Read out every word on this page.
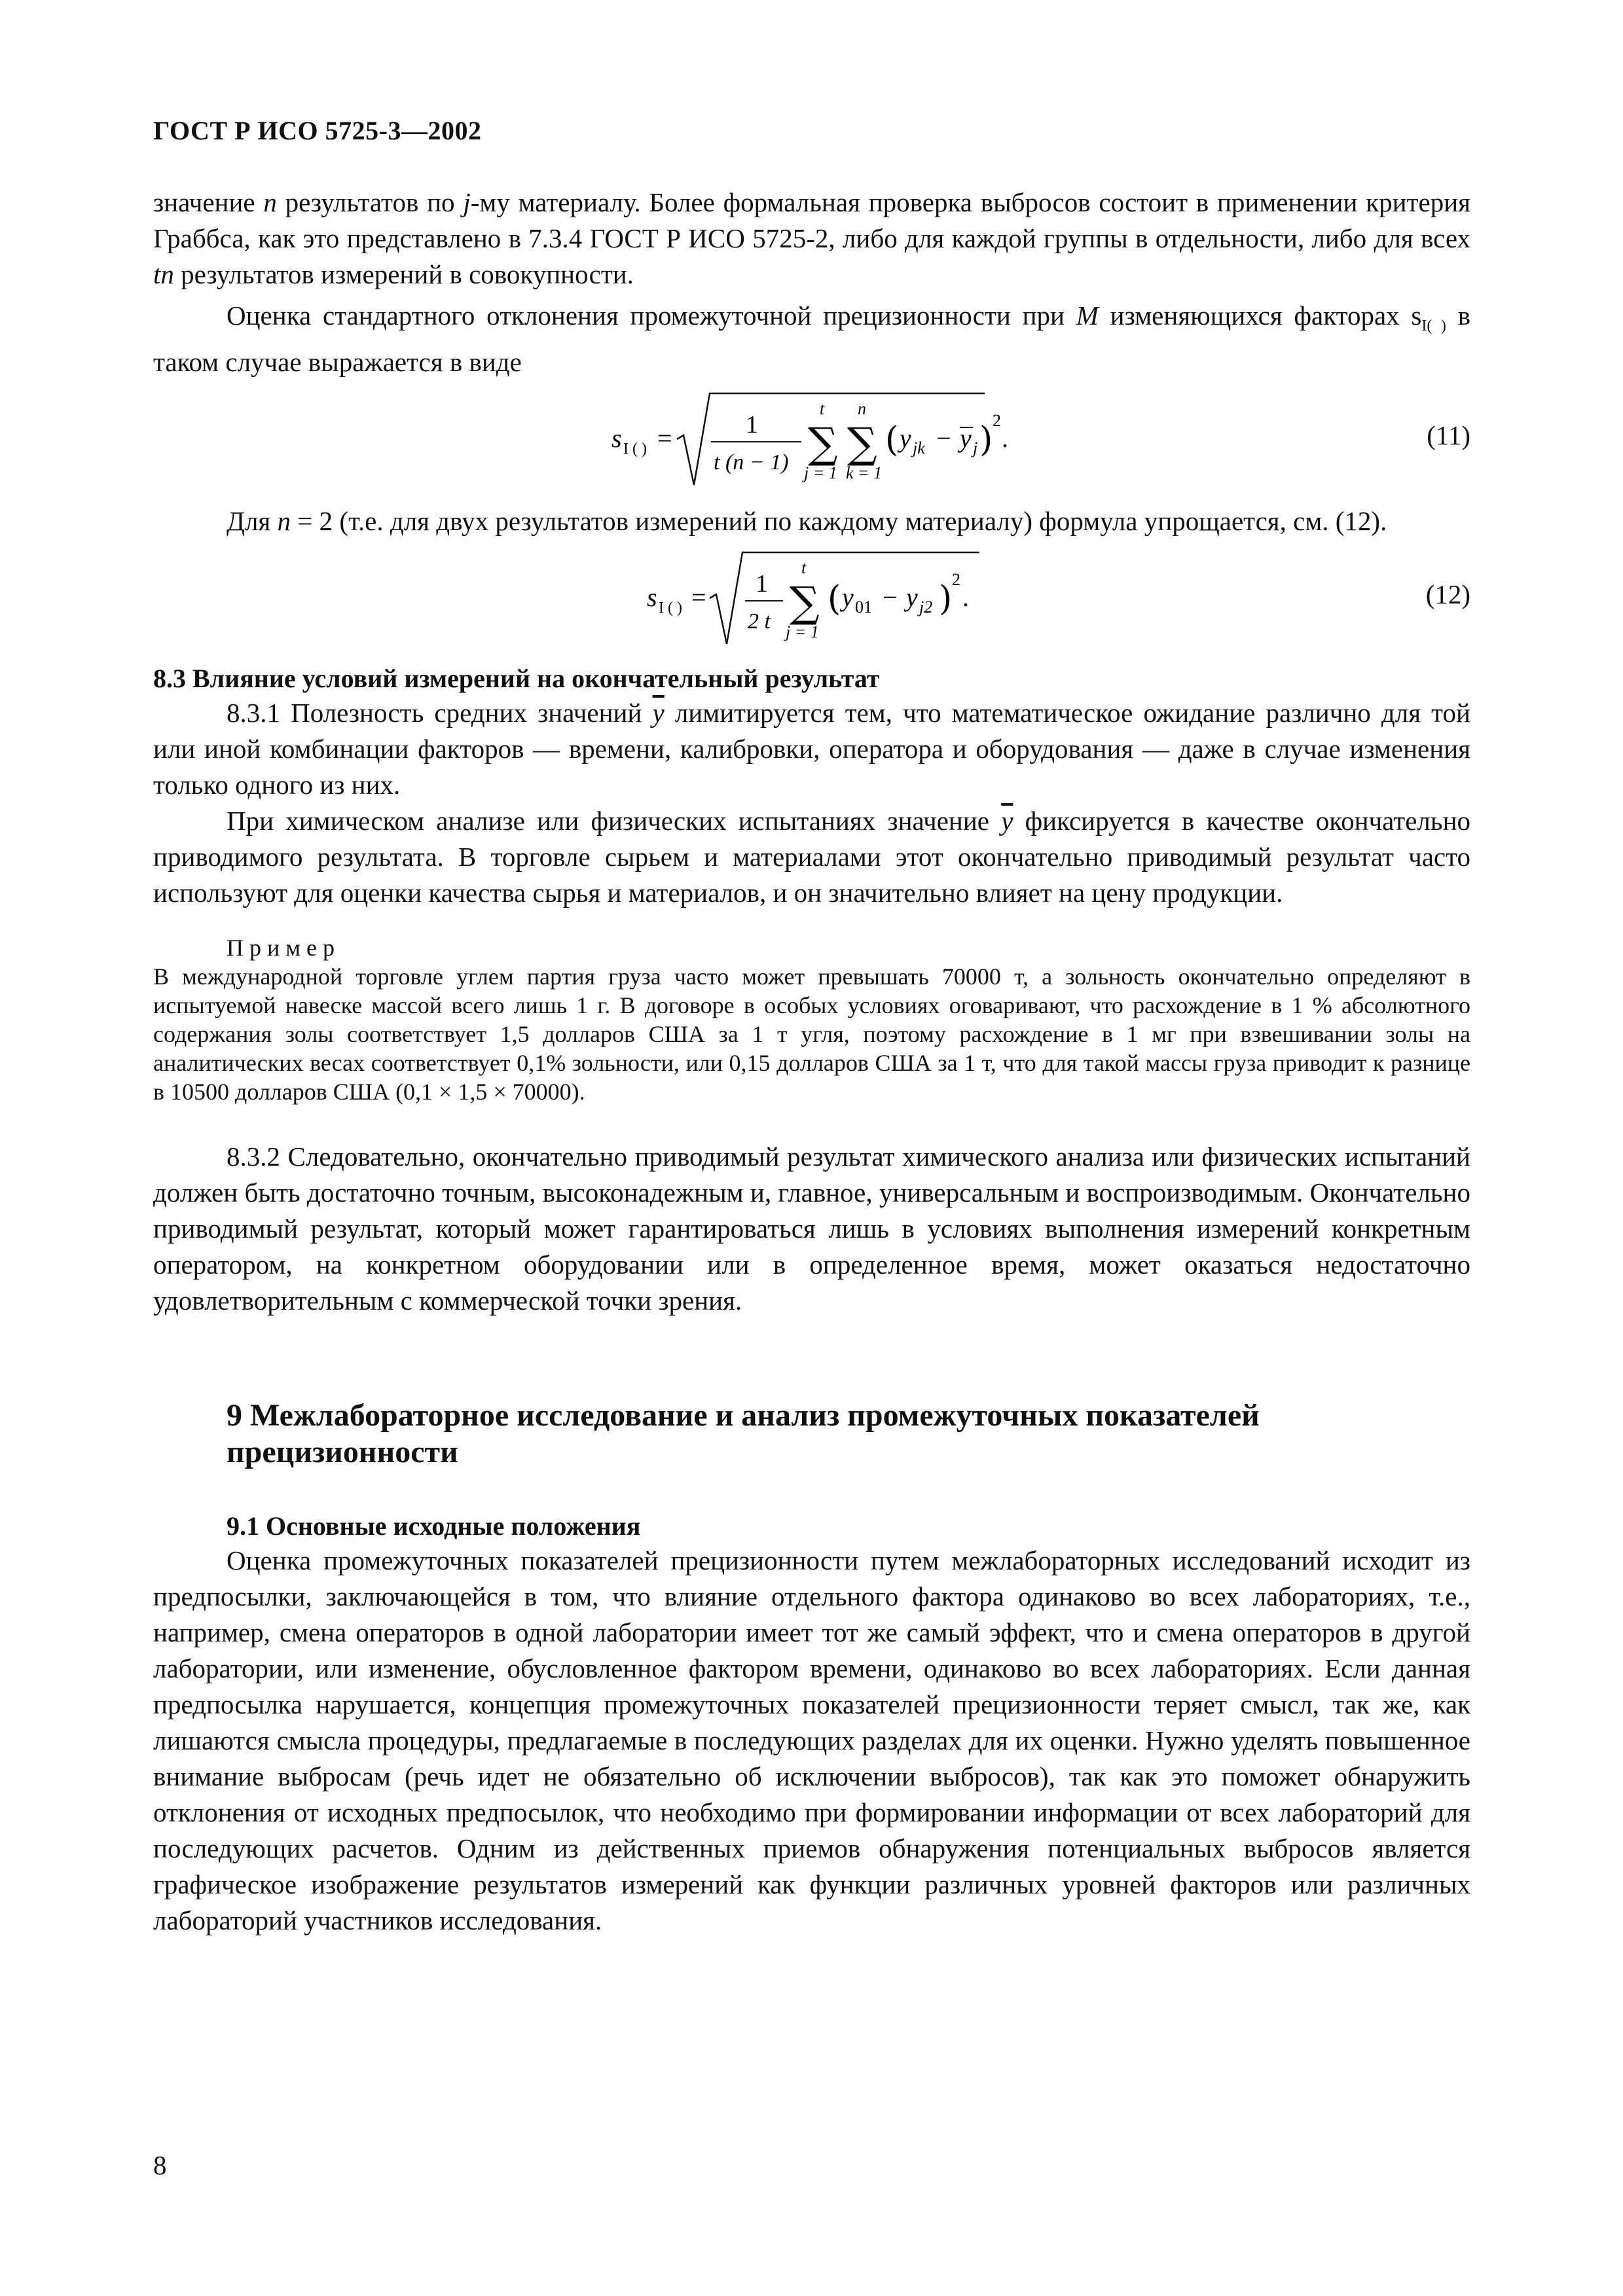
ГОСТ Р ИСО 5725-3—2002

значение n результатов по j-му материалу. Более формальная проверка выбросов состоит в применении критерия Граббса, как это представлено в 7.3.4 ГОСТ Р ИСО 5725-2, либо для каждой группы в отдельности, либо для всех tn результатов измерений в совокупности.

Оценка стандартного отклонения промежуточной прецизионности при M изменяющихся факторах $s_{I( )}$ в таком случае выражается в виде

s I ( ) =	1
t (n − 1) ∑
t
j = 1
∑
n
k = 1
( y jk − y j ) 2
.	(11)

Для n = 2 (т.е. для двух результатов измерений по каждому материалу) формула упрощается, см. (12).

s I ( ) = 1
2 t ∑
t
j = 1
( y 01 − y j2 ) 2
.	(12)
8.3 Влияние условий измерений на окончательный результат

8.3.1 Полезность средних значений $\overline{y}$ лимитируется тем, что математическое ожидание различно для той или иной комбинации факторов — времени, калибровки, оператора и оборудования — даже в случае изменения только одного из них.

При химическом анализе или физических испытаниях значение $\overline{y}$ фиксируется в качестве окончательно приводимого результата. В торговле сырьем и материалами этот окончательно приводимый результат часто используют для оценки качества сырья и материалов, и он значительно влияет на цену продукции.

Пример

В международной торговле углем партия груза часто может превышать 70000 т, а зольность окончательно определяют в испытуемой навеске массой всего лишь 1 г. В договоре в особых условиях оговаривают, что расхождение в 1 % абсолютного содержания золы соответствует 1,5 долларов США за 1 т угля, поэтому расхождение в 1 мг при взвешивании золы на аналитических весах соответствует 0,1% зольности, или 0,15 долларов США за 1 т, что для такой массы груза приводит к разнице в 10500 долларов США (0,1 × 1,5 × 70000).

8.3.2 Следовательно, окончательно приводимый результат химического анализа или физических испытаний должен быть достаточно точным, высоконадежным и, главное, универсальным и воспроизводимым. Окончательно приводимый результат, который может гарантироваться лишь в условиях выполнения измерений конкретным оператором, на конкретном оборудовании или в определенное время, может оказаться недостаточно удовлетворительным с коммерческой точки зрения.

9 Межлабораторное исследование и анализ промежуточных показателей прецизионности
9.1 Основные исходные положения

Оценка промежуточных показателей прецизионности путем межлабораторных исследований исходит из предпосылки, заключающейся в том, что влияние отдельного фактора одинаково во всех лабораториях, т.е., например, смена операторов в одной лаборатории имеет тот же самый эффект, что и смена операторов в другой лаборатории, или изменение, обусловленное фактором времени, одинаково во всех лабораториях. Если данная предпосылка нарушается, концепция промежуточных показателей прецизионности теряет смысл, так же, как лишаются смысла процедуры, предлагаемые в последующих разделах для их оценки. Нужно уделять повышенное внимание выбросам (речь идет не обязательно об исключении выбросов), так как это поможет обнаружить отклонения от исходных предпосылок, что необходимо при формировании информации от всех лабораторий для последующих расчетов. Одним из действенных приемов обнаружения потенциальных выбросов является графическое изображение результатов измерений как функции различных уровней факторов или различных лабораторий участников исследования.

8
